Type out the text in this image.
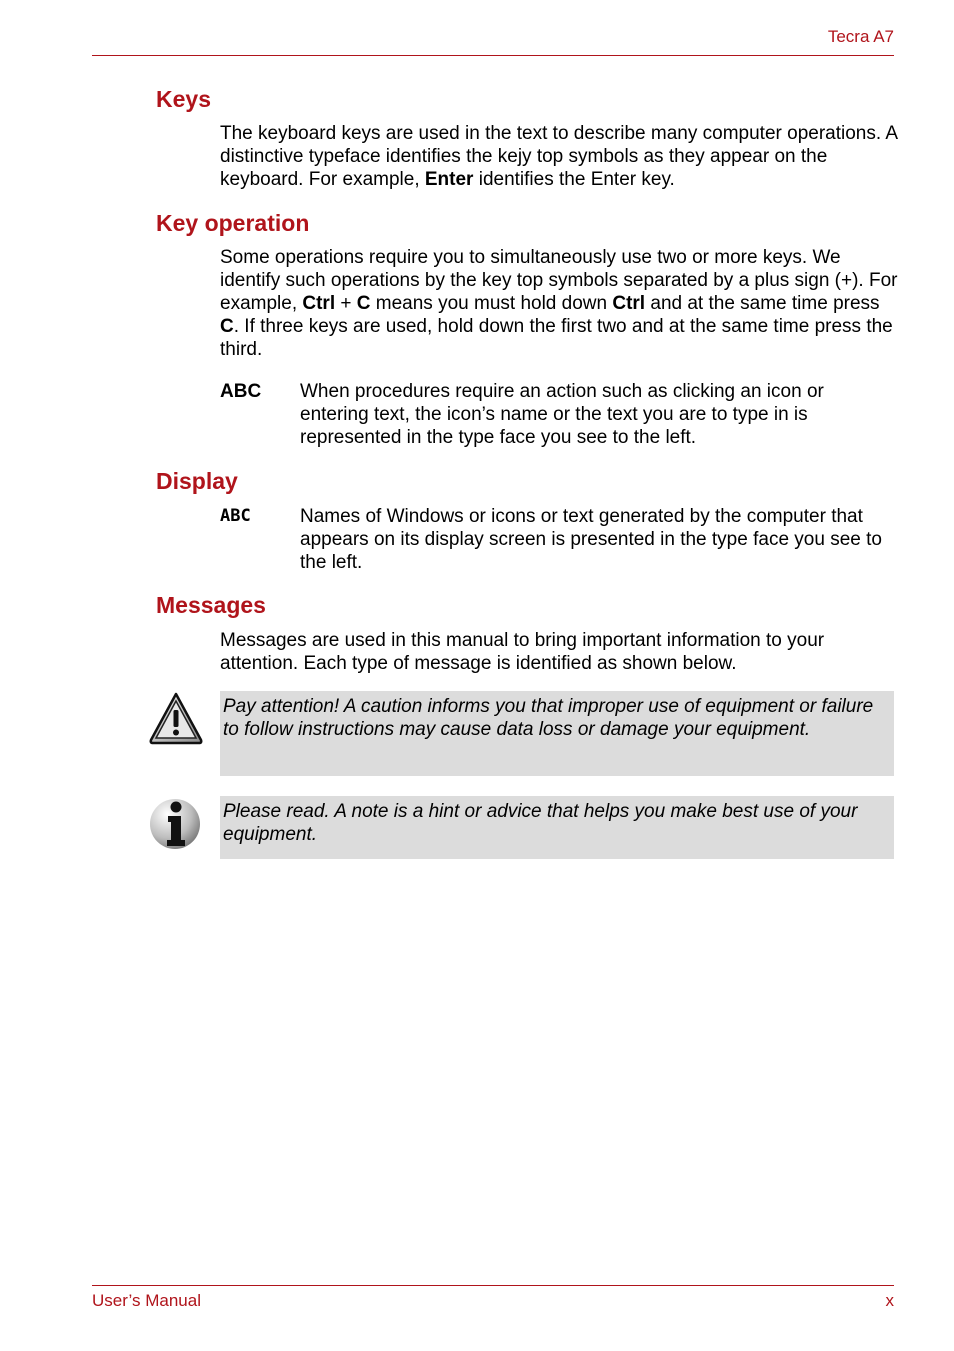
Tecra A7
Keys
The keyboard keys are used in the text to describe many computer operations. A distinctive typeface identifies the kejy top symbols as they appear on the keyboard. For example, Enter identifies the Enter key.
Key operation
Some operations require you to simultaneously use two or more keys. We identify such operations by the key top symbols separated by a plus sign (+). For example, Ctrl + C means you must hold down Ctrl and at the same time press C. If three keys are used, hold down the first two and at the same time press the third.
ABC When procedures require an action such as clicking an icon or entering text, the icon’s name or the text you are to type in is represented in the type face you see to the left.
Display
ABC	Names of Windows or icons or text generated by the computer that appears on its display screen is presented in the type face you see to the left.
Messages
Messages are used in this manual to bring important information to your attention. Each type of message is identified as shown below.
Pay attention! A caution informs you that improper use of equipment or failure to follow instructions may cause data loss or damage your equipment.
Please read. A note is a hint or advice that helps you make best use of your equipment.
User’s Manual	x
